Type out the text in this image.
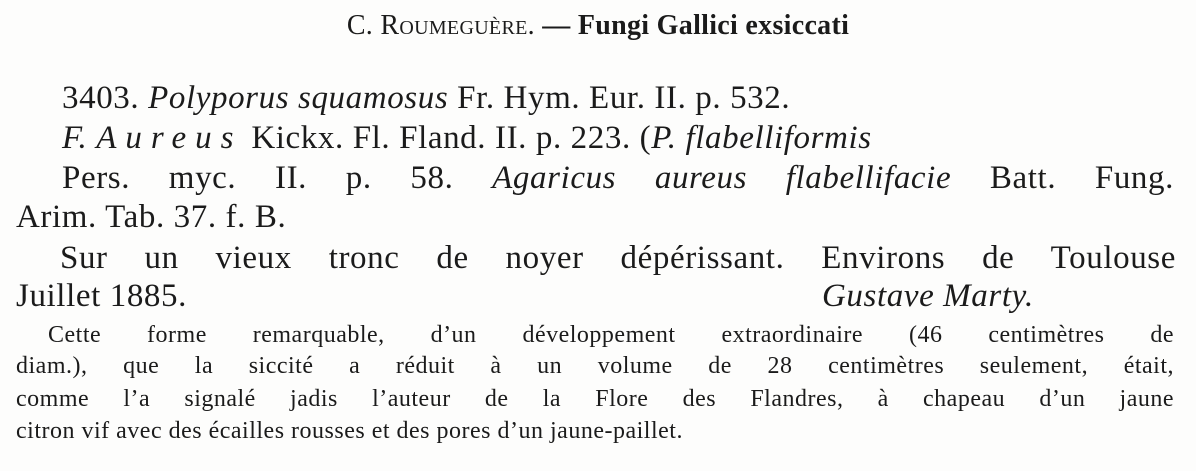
C. Roumeguère. — Fungi Gallici exsiccati
3403. Polyporus squamosus Fr. Hym. Eur. II. p. 532.
F. Aureus Kickx. Fl. Fland. II. p. 223. (P. flabelliformis
Pers. myc. II. p. 58. Agaricus aureus flabellifacie Batt. Fung.
Arim. Tab. 37. f. B.
Sur un vieux tronc de noyer dépérissant. Environs de Toulouse
Juillet 1885.	Gustave Marty.
Cette forme remarquable, d’un développement extraordinaire (46 centimètres de
diam.), que la siccité a réduit à un volume de 28 centimètres seulement, était,
comme l’a signalé jadis l’auteur de la Flore des Flandres, à chapeau d’un jaune
citron vif avec des écailles rousses et des pores d’un jaune-paillet.
